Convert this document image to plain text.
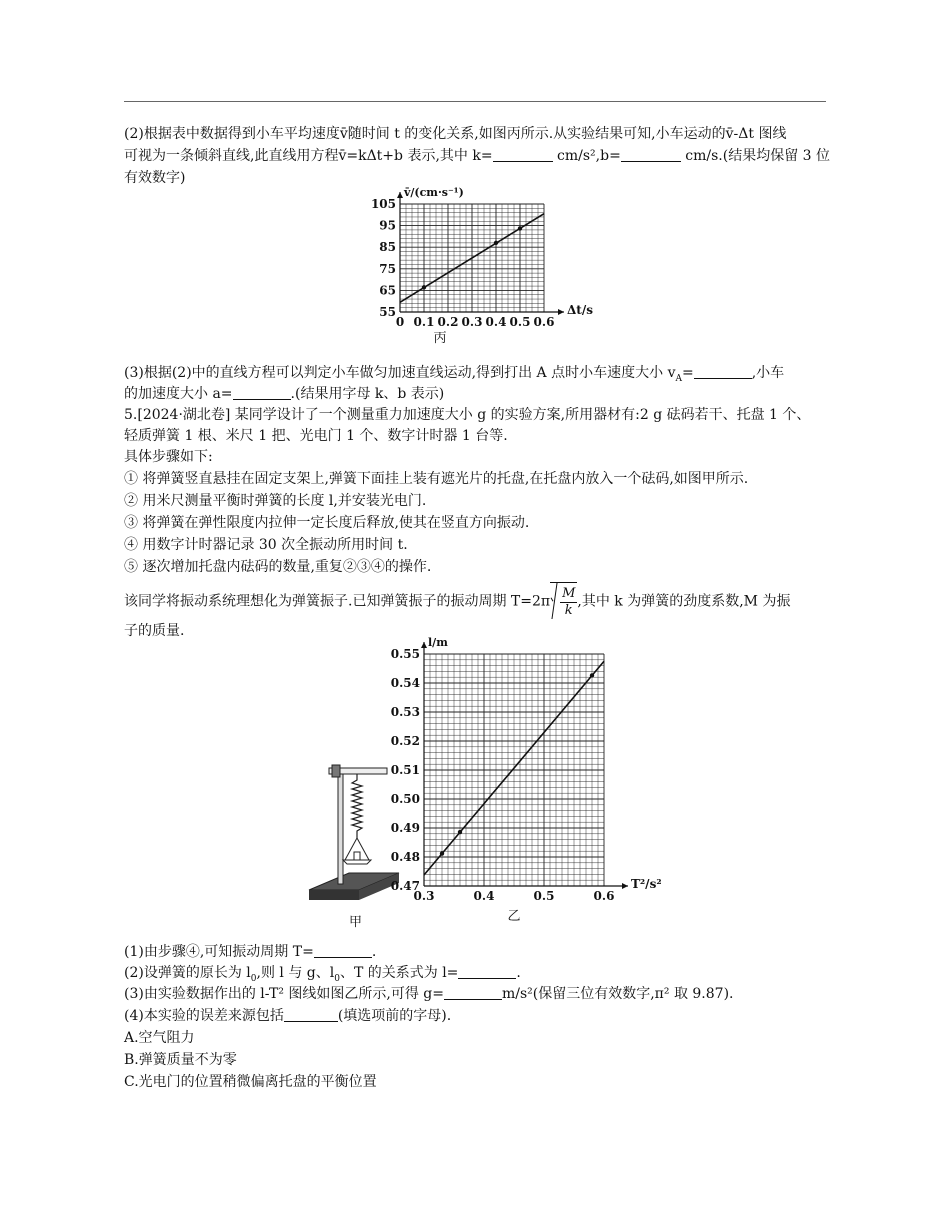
(2)根据表中数据得到小车平均速度v̄随时间 t 的变化关系,如图丙所示.从实验结果可知,小车运动的v̄-Δt 图线
可视为一条倾斜直线,此直线用方程v̄=kΔt+b 表示,其中 k=	cm/s²,b=	cm/s.(结果均保留 3 位
有效数字)
0 0.1 0.2 0.3 0.4 0.5 0.6
55
65
75
85
95
105
v̄/(cm·s⁻¹)
Δt/s
丙
(3)根据(2)中的直线方程可以判定小车做匀加速直线运动,得到打出 A 点时小车速度大小 $v_A=$	,小车
的加速度大小 a=	.(结果用字母 k、b 表示)
5.[2024·湖北卷] 某同学设计了一个测量重力加速度大小 g 的实验方案,所用器材有:2 g 砝码若干、托盘 1 个、
轻质弹簧 1 根、米尺 1 把、光电门 1 个、数字计时器 1 台等.
具体步骤如下:
① 将弹簧竖直悬挂在固定支架上,弹簧下面挂上装有遮光片的托盘,在托盘内放入一个砝码,如图甲所示.
② 用米尺测量平衡时弹簧的长度 l,并安装光电门.
③ 将弹簧在弹性限度内拉伸一定长度后释放,使其在竖直方向振动.
④ 用数字计时器记录 30 次全振动所用时间 t.
⑤ 逐次增加托盘内砝码的数量,重复②③④的操作.
该同学将振动系统理想化为弹簧振子.已知弹簧振子的振动周期 $T=2\pi \frac{M}{k}$ ,其中 k 为弹簧的劲度系数,M 为振
子的质量.
甲
0.3	0.4	0.5	0.6
0.47
0.48
0.49
0.50
0.51
0.52
0.53
0.54
0.55
l/m
T²/s²
乙
(1)由步骤④,可知振动周期 T=	.
(2)设弹簧的原长为 $l_0$,则 l 与 g、$l_0$、T 的关系式为 l=	.
(3)由实验数据作出的 l-T² 图线如图乙所示,可得 g=	m/s²(保留三位有效数字,π² 取 9.87).
(4)本实验的误差来源包括	(填选项前的字母).
A.空气阻力
B.弹簧质量不为零
C.光电门的位置稍微偏离托盘的平衡位置
